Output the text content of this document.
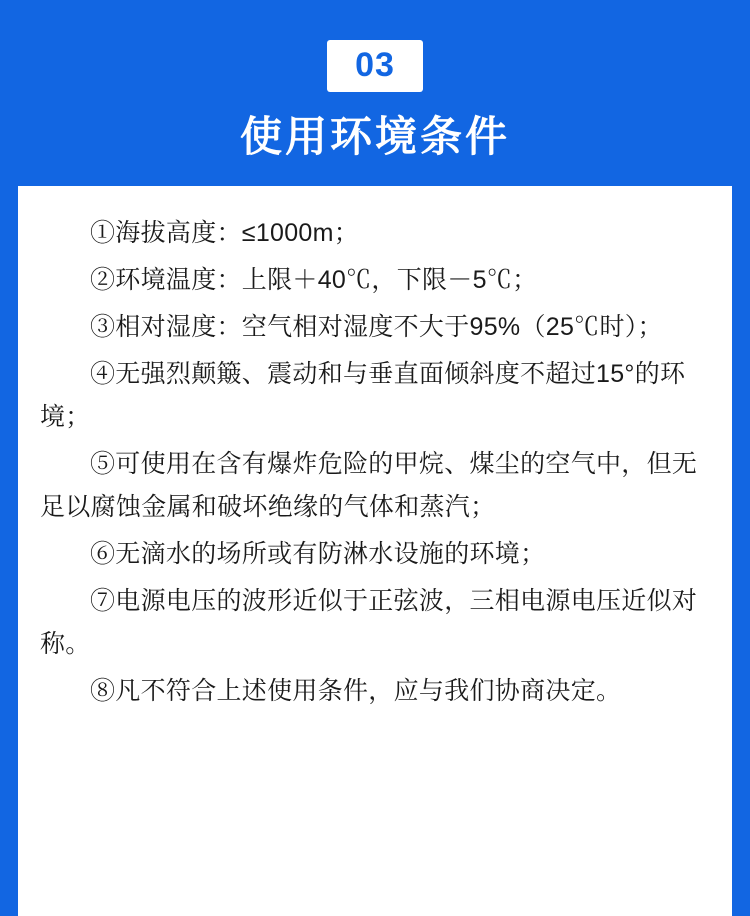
03
使用环境条件

①海拔高度：≤1000m；

②环境温度：上限＋40℃，下限－5℃；

③相对湿度：空气相对湿度不大于95%（25℃时）；

④无强烈颠簸、震动和与垂直面倾斜度不超过15°的环境；

⑤可使用在含有爆炸危险的甲烷、煤尘的空气中，但无足以腐蚀金属和破坏绝缘的气体和蒸汽；

⑥无滴水的场所或有防淋水设施的环境；

⑦电源电压的波形近似于正弦波，三相电源电压近似对称。

⑧凡不符合上述使用条件，应与我们协商决定。
